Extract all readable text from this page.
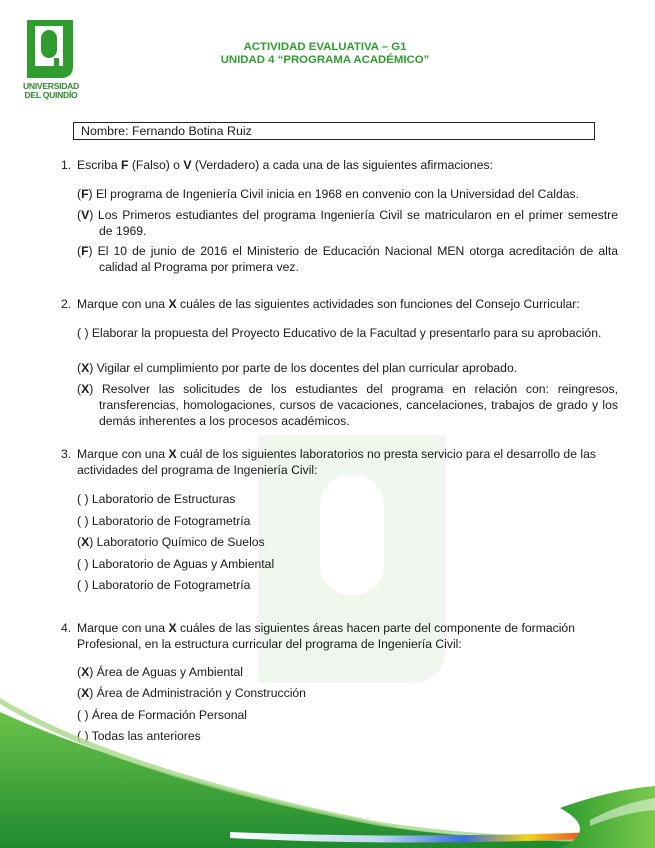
UNIVERSIDAD
DEL QUINDÍO
ACTIVIDAD EVALUATIVA – G1
UNIDAD 4 “PROGRAMA ACADÉMICO”
Nombre: Fernando Botina Ruiz
1. Escriba F (Falso) o V (Verdadero) a cada una de las siguientes afirmaciones:
(F) El programa de Ingeniería Civil inicia en 1968 en convenio con la Universidad del Caldas.
(V) Los Primeros estudiantes del programa Ingeniería Civil se matricularon en el primer semestre de 1969.
(F) El 10 de junio de 2016 el Ministerio de Educación Nacional MEN otorga acreditación de alta calidad al Programa por primera vez.
2. Marque con una X cuáles de las siguientes actividades son funciones del Consejo Curricular:
( ) Elaborar la propuesta del Proyecto Educativo de la Facultad y presentarlo para su aprobación.
(X) Vigilar el cumplimiento por parte de los docentes del plan curricular aprobado.
(X) Resolver las solicitudes de los estudiantes del programa en relación con: reingresos, transferencias, homologaciones, cursos de vacaciones, cancelaciones, trabajos de grado y los demás inherentes a los procesos académicos.
3. Marque con una X cuál de los siguientes laboratorios no presta servicio para el desarrollo de las actividades del programa de Ingeniería Civil:
( ) Laboratorio de Estructuras
( ) Laboratorio de Fotogrametría
(X) Laboratorio Químico de Suelos
( ) Laboratorio de Aguas y Ambiental
( ) Laboratorio de Fotogrametría
4. Marque con una X cuáles de las siguientes áreas hacen parte del componente de formación Profesional, en la estructura curricular del programa de Ingeniería Civil:
(X) Área de Aguas y Ambiental
(X) Área de Administración y Construcción
( ) Área de Formación Personal
( ) Todas las anteriores
